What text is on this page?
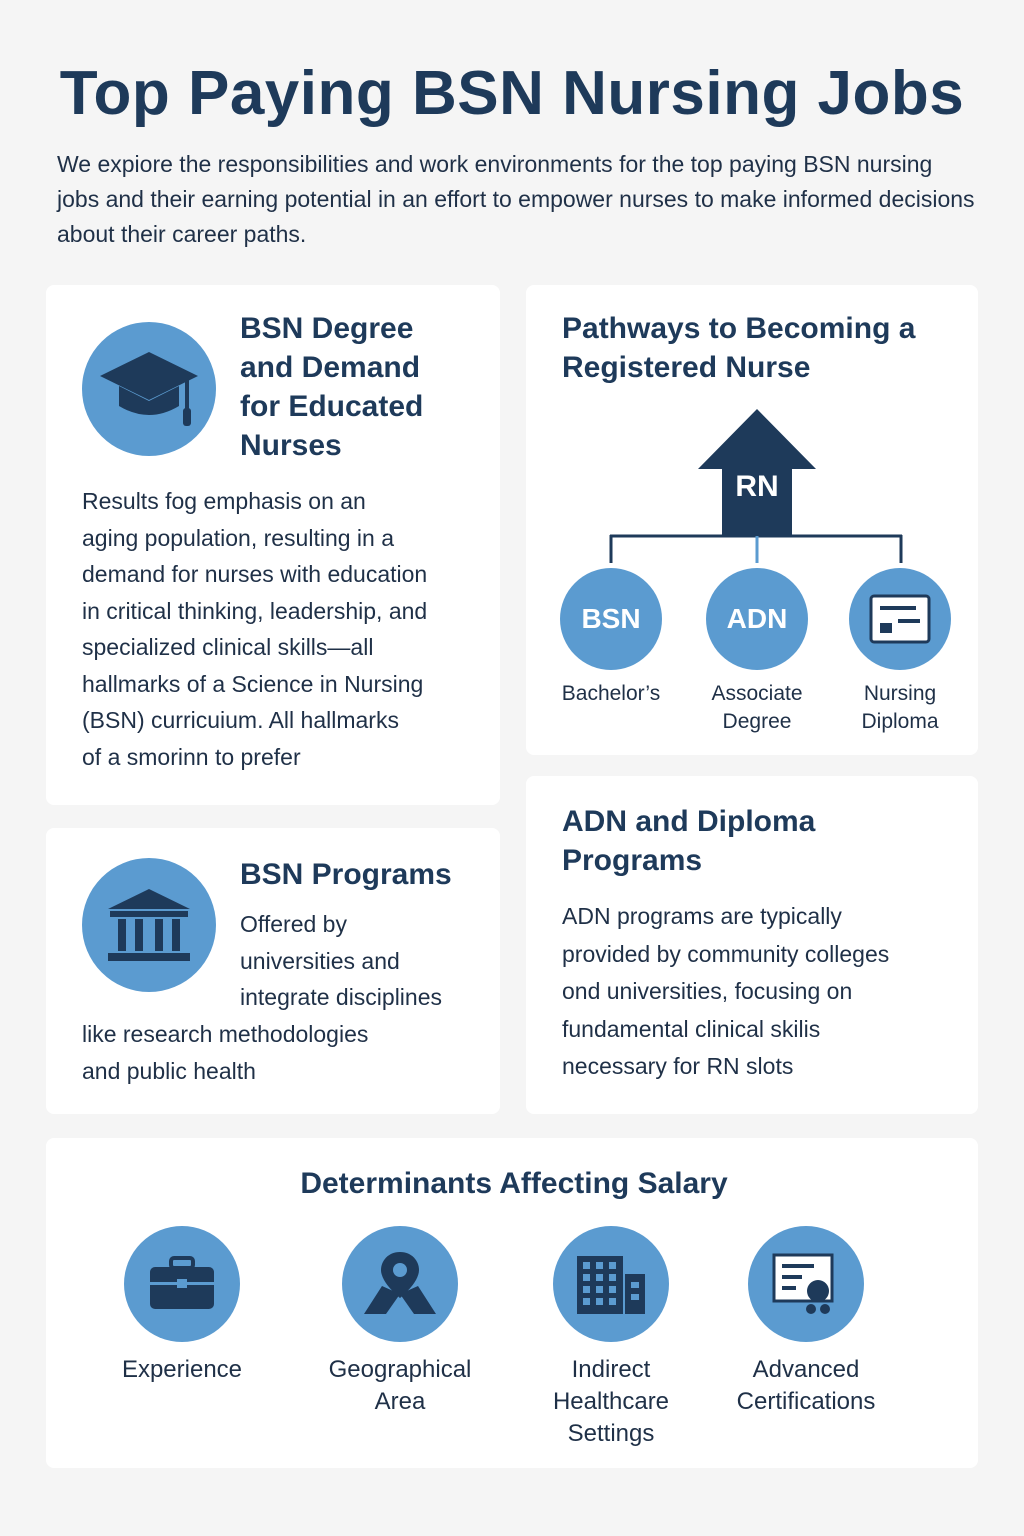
Top Paying BSN Nursing Jobs
We expiore the responsibilities and work environments for the top paying BSN nursing jobs and their earning potential in an effort to empower nurses to make informed decisions about their career paths.
BSN Degree
and Demand
for Educated
Nurses
Results fog emphasis on an
aging population, resulting in a
demand for nurses with education
in critical thinking, leadership, and
specialized clinical skills—all
hallmarks of a Science in Nursing
(BSN) curricuium. All hallmarks
of a smorinn to prefer
BSN Programs
Offered by
universities and
integrate disciplines
like research methodologies
and public health
Pathways to Becoming a
Registered Nurse
RN
BSN	ADN
Bachelor’s	Associate
Degree
Nursing
Diploma
ADN and Diploma
Programs
ADN programs are typically
provided by community colleges
ond universities, focusing on
fundamental clinical skilis
necessary for RN slots
Determinants Affecting Salary
Experience	Geographical
Area
Indirect
Healthcare
Settings
Advanced
Certifications
